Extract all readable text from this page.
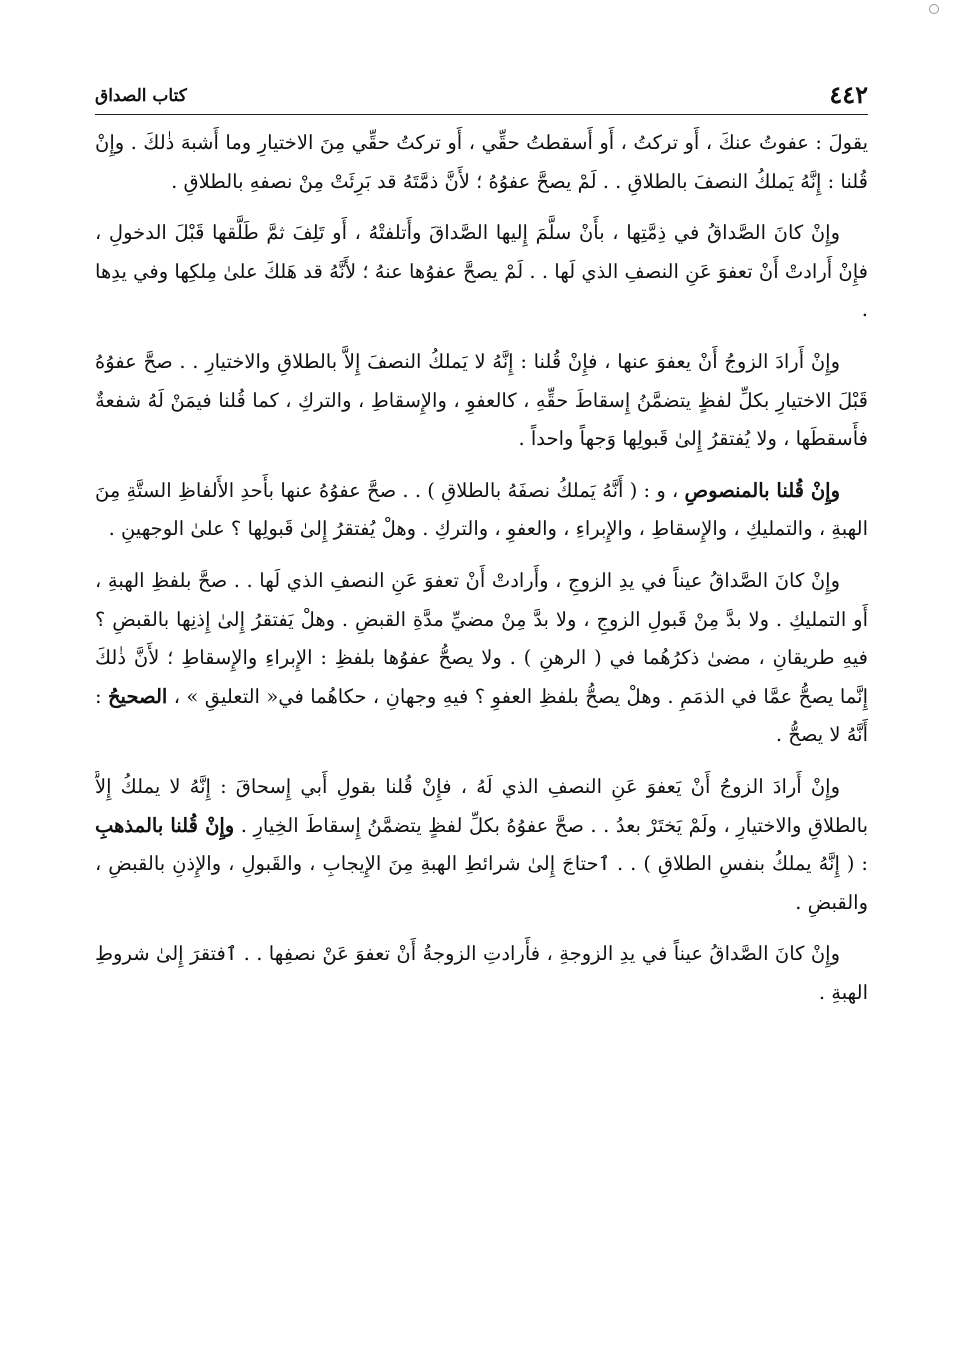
٤٤٢
كتاب الصداق

يقولَ : عفوتُ عنكَ ، أَو تركتُ ، أَو أَسقطتُ حقِّي ، أَو تركتُ حقِّي مِنَ الاختيارِ وما أَشبهَ ذٰلكَ . وإِنْ قُلنا : إِنَّهُ يَملكُ النصفَ بالطلاقِ . . لَمْ يصحَّ عفوُهُ ؛ لأَنَّ ذمَّتَهُ قد بَرِئَتْ مِنْ نصفهِ بالطلاقِ .

وإِنْ كانَ الصَّداقُ في ذِمَّتِها ، بأَنْ سلَّمَ إِليها الصَّداقَ وأَتلفتْهُ ، أَو تَلِفَ ثمَّ طَلَّقها قَبْلَ الدخولِ ، فإِنْ أَرادتْ أَنْ تعفوَ عَنِ النصفِ الذي لَها . . لَمْ يصحَّ عفوُها عنهُ ؛ لأَنَّهُ قد هَلكَ علىٰ مِلكِها وفي يدِها .

وإِنْ أَرادَ الزوجُ أَنْ يعفوَ عنها ، فإِنْ قُلنا : إِنَّهُ لا يَملكُ النصفَ إِلاَّ بالطلاقِ والاختيارِ . . صحَّ عفوُهُ قَبْلَ الاختيارِ بكلِّ لفظٍ يتضمَّنُ إِسقاطَ حقِّهِ ، كالعفوِ ، والإِسقاطِ ، والتركِ ، كما قُلنا فيمَنْ لَهُ شفعةٌ فأَسقطَها ، ولا يُفتقرُ إِلىٰ قَبولِها وَجهاً واحداً .

وإِنْ قُلنا بالمنصوصِ ، و : ( أَنَّهُ يَملكُ نصفَهُ بالطلاقِ ) . . صحَّ عفوُهُ عنها بأَحدِ الأَلفاظِ الستَّةِ مِنَ الهبةِ ، والتمليكِ ، والإِسقاطِ ، والإِبراءِ ، والعفوِ ، والتركِ . وهلْ يُفتقرُ إِلىٰ قَبولِها ؟ علىٰ الوجهينِ .

وإِنْ كانَ الصَّداقُ عيناً في يدِ الزوجِ ، وأَرادتْ أَنْ تعفوَ عَنِ النصفِ الذي لَها . . صحَّ بلفظِ الهبةِ ، أَو التمليكِ . ولا بدَّ مِنْ قَبولِ الزوجِ ، ولا بدَّ مِنْ مضيِّ مدَّةِ القبضِ . وهلْ يَفتقرُ إِلىٰ إِذنِها بالقبضِ ؟ فيهِ طريقانِ ، مضىٰ ذكرُهُما في ( الرهنِ ) . ولا يصحُّ عفوُها بلفظِ : الإِبراءِ والإِسقاطِ ؛ لأَنَّ ذٰلكَ إِنَّما يصحُّ عمَّا في الذمَمِ . وهلْ يصحُّ بلفظِ العفوِ ؟ فيهِ وجهانِ ، حكاهُما في« التعليقِ » ، الصحيحُ : أَنَّهُ لا يصحُّ .

وإِنْ أَرادَ الزوجُ أَنْ يَعفوَ عَنِ النصفِ الذي لَهُ ، فإِنْ قُلنا بقولِ أَبي إِسحاقَ : إِنَّهُ لا يملكُ إِلاَّ بالطلاقِ والاختيارِ ، ولَمْ يَختَرْ بعدُ . . صحَّ عفوُهُ بكلِّ لفظٍ يتضمَّنُ إِسقاطَ الخِيارِ . وإِنْ قُلنا بالمذهبِ : ( إِنَّهُ يملكُ بنفسِ الطلاقِ ) . . ٱحتاجَ إِلىٰ شرائطِ الهبةِ مِنَ الإِيجابِ ، والقَبولِ ، والإِذنِ بالقبضِ ، والقبضِ .

وإِنْ كانَ الصَّداقُ عيناً في يدِ الزوجةِ ، فأَرادتِ الزوجةُ أَنْ تعفوَ عَنْ نصفِها . . ٱفتقرَ إِلىٰ شروطِ الهبةِ .
